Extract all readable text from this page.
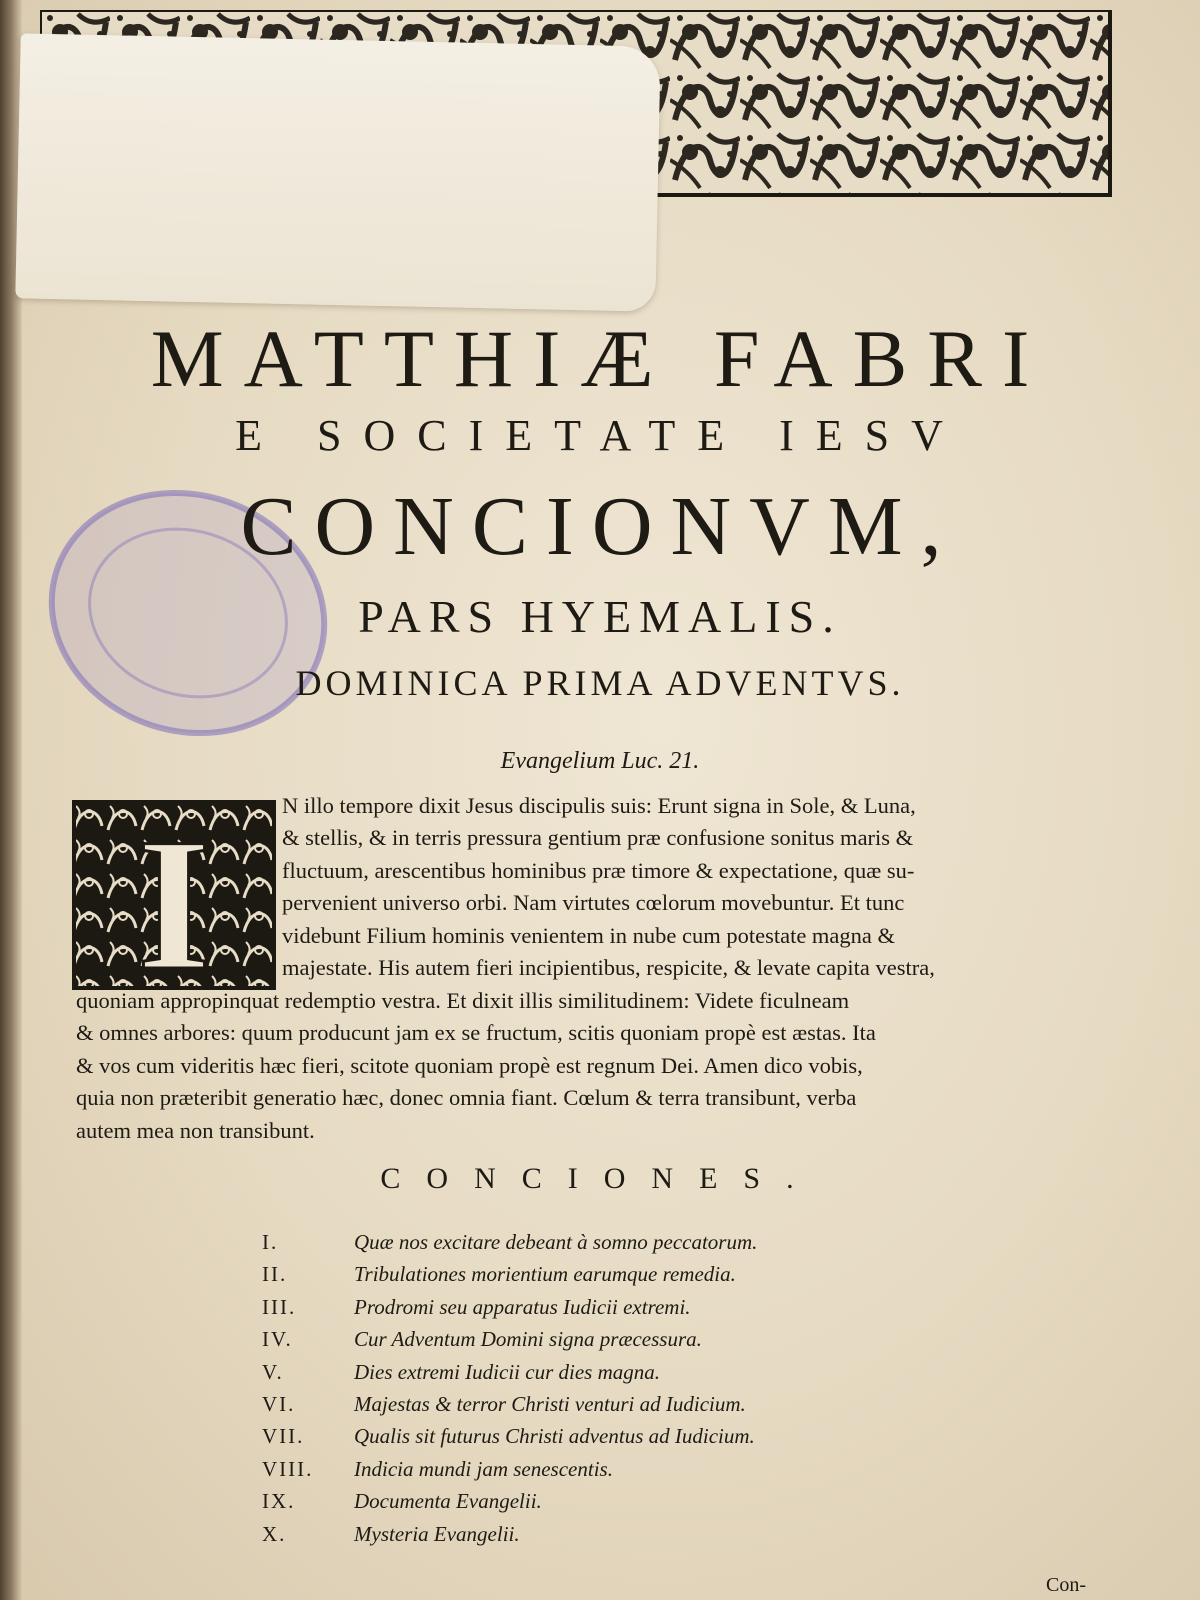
MATTHIÆ FABRI
E SOCIETATE IESV
CONCIONVM,
PARS HYEMALIS.
DOMINICA PRIMA ADVENTVS.
Evangelium Luc. 21.
I	N illo tempore dixit Jesus discipulis suis: Erunt signa in Sole, & Luna,
& stellis, & in terris pressura gentium præ confusione sonitus maris &
fluctuum, arescentibus hominibus præ timore & expectatione, quæ su-
pervenient universo orbi. Nam virtutes cœlorum movebuntur. Et tunc
videbunt Filium hominis venientem in nube cum potestate magna &
majestate. His autem fieri incipientibus, respicite, & levate capita vestra,
quoniam appropinquat redemptio vestra. Et dixit illis similitudinem: Videte ficulneam
& omnes arbores: quum producunt jam ex se fructum, scitis quoniam propè est æstas. Ita
& vos cum videritis hæc fieri, scitote quoniam propè est regnum Dei. Amen dico vobis,
quia non præteribit generatio hæc, donec omnia fiant. Cœlum & terra transibunt, verba
autem mea non transibunt.
CONCIONES.
I.	Quæ nos excitare debeant à somno peccatorum.
II.	Tribulationes morientium earumque remedia.
III.	Prodromi seu apparatus Iudicii extremi.
IV.	Cur Adventum Domini signa præcessura.
V.	Dies extremi Iudicii cur dies magna.
VI.	Majestas & terror Christi venturi ad Iudicium.
VII. Qualis sit futurus Christi adventus ad Iudicium.
VIII. Indicia mundi jam senescentis.
IX.	Documenta Evangelii.
X.	Mysteria Evangelii.
Con-
